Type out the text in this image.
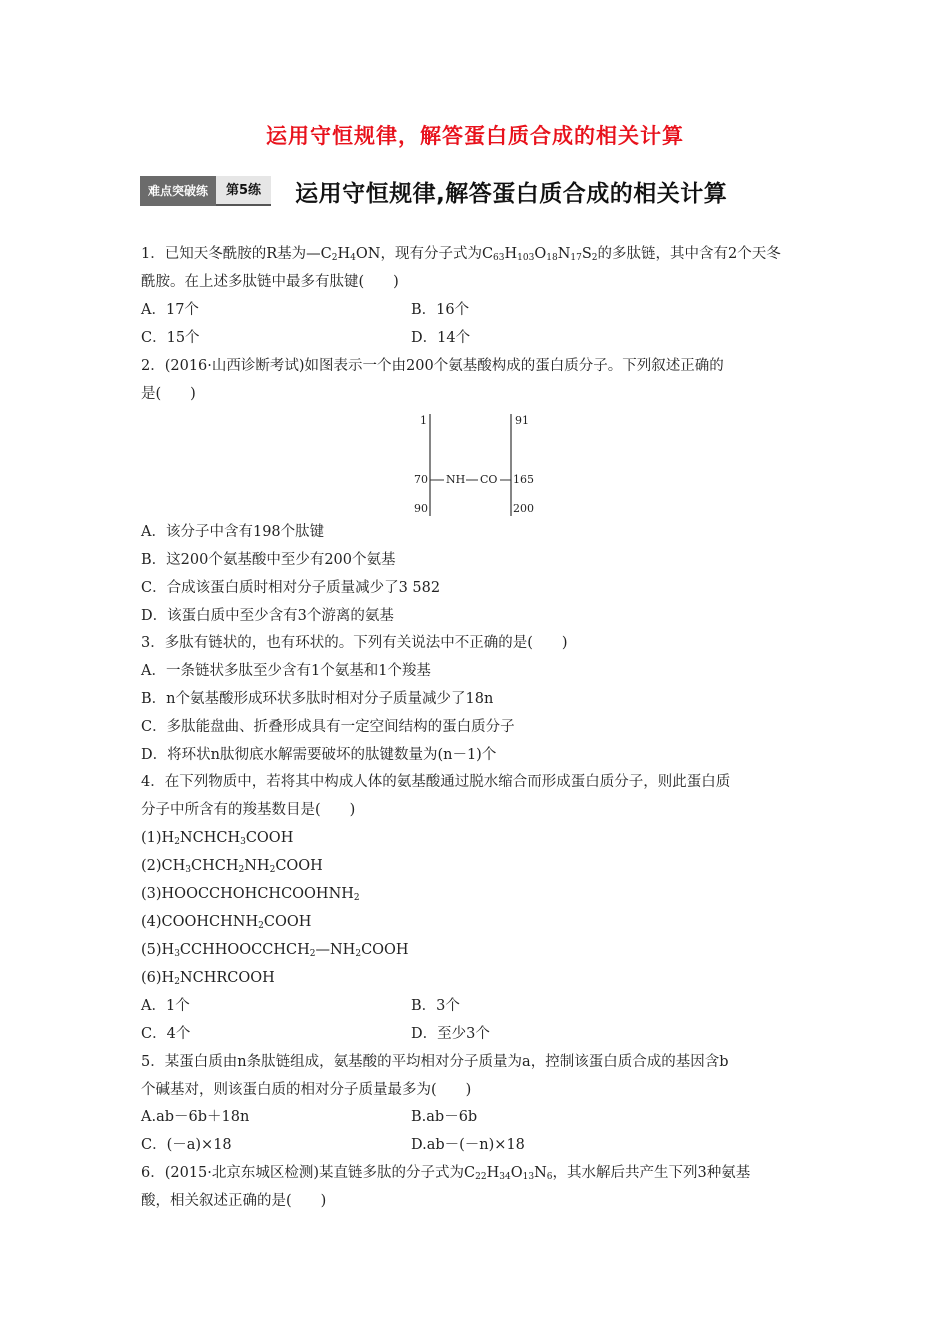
运用守恒规律，解答蛋白质合成的相关计算
难点突破练	第5练	运用守恒规律,解答蛋白质合成的相关计算
1．已知天冬酰胺的R基为$—C_2H_4ON$，现有分子式为$C_{63}H_{103}O_{18}N_{17}S_2$的多肽链，其中含有2个天冬
酰胺。在上述多肽链中最多有肽键(　　)
A．17个	B．16个
C．15个	D．14个
2．(2016·山西诊断考试)如图表示一个由200个氨基酸构成的蛋白质分子。下列叙述正确的
是(　　)
1	91
70 NH CO 165
90	200
A．该分子中含有198个肽键
B．这200个氨基酸中至少有200个氨基
C．合成该蛋白质时相对分子质量减少了3 582
D．该蛋白质中至少含有3个游离的氨基
3．多肽有链状的，也有环状的。下列有关说法中不正确的是(　　)
A．一条链状多肽至少含有1个氨基和1个羧基
B．n个氨基酸形成环状多肽时相对分子质量减少了18n
C．多肽能盘曲、折叠形成具有一定空间结构的蛋白质分子
D．将环状n肽彻底水解需要破坏的肽键数量为(n－1)个
4．在下列物质中，若将其中构成人体的氨基酸通过脱水缩合而形成蛋白质分子，则此蛋白质
分子中所含有的羧基数目是(　　)
$(1)H_2NCHCH_3COOH$
$(2)CH_3CHCH_2NH_2COOH$
$(3)HOOCCHOHCHCOOHNH_2$
$(4)COOHCHNH_2COOH$
$(5)H_3CCHHOOCCHCH_2—NH_2COOH$
$(6)H_2NCHRCOOH$
A．1个	B．3个
C．4个	D．至少3个
5．某蛋白质由n条肽链组成，氨基酸的平均相对分子质量为a，控制该蛋白质合成的基因含b
个碱基对，则该蛋白质的相对分子质量最多为(　　)
A.ab－6b＋18n	B.ab－6b
C．(－a)×18	D.ab－(－n)×18
6．(2015·北京东城区检测)某直链多肽的分子式为$C_{22}H_{34}O_{13}N_6$，其水解后共产生下列3种氨基
酸，相关叙述正确的是(　　)
